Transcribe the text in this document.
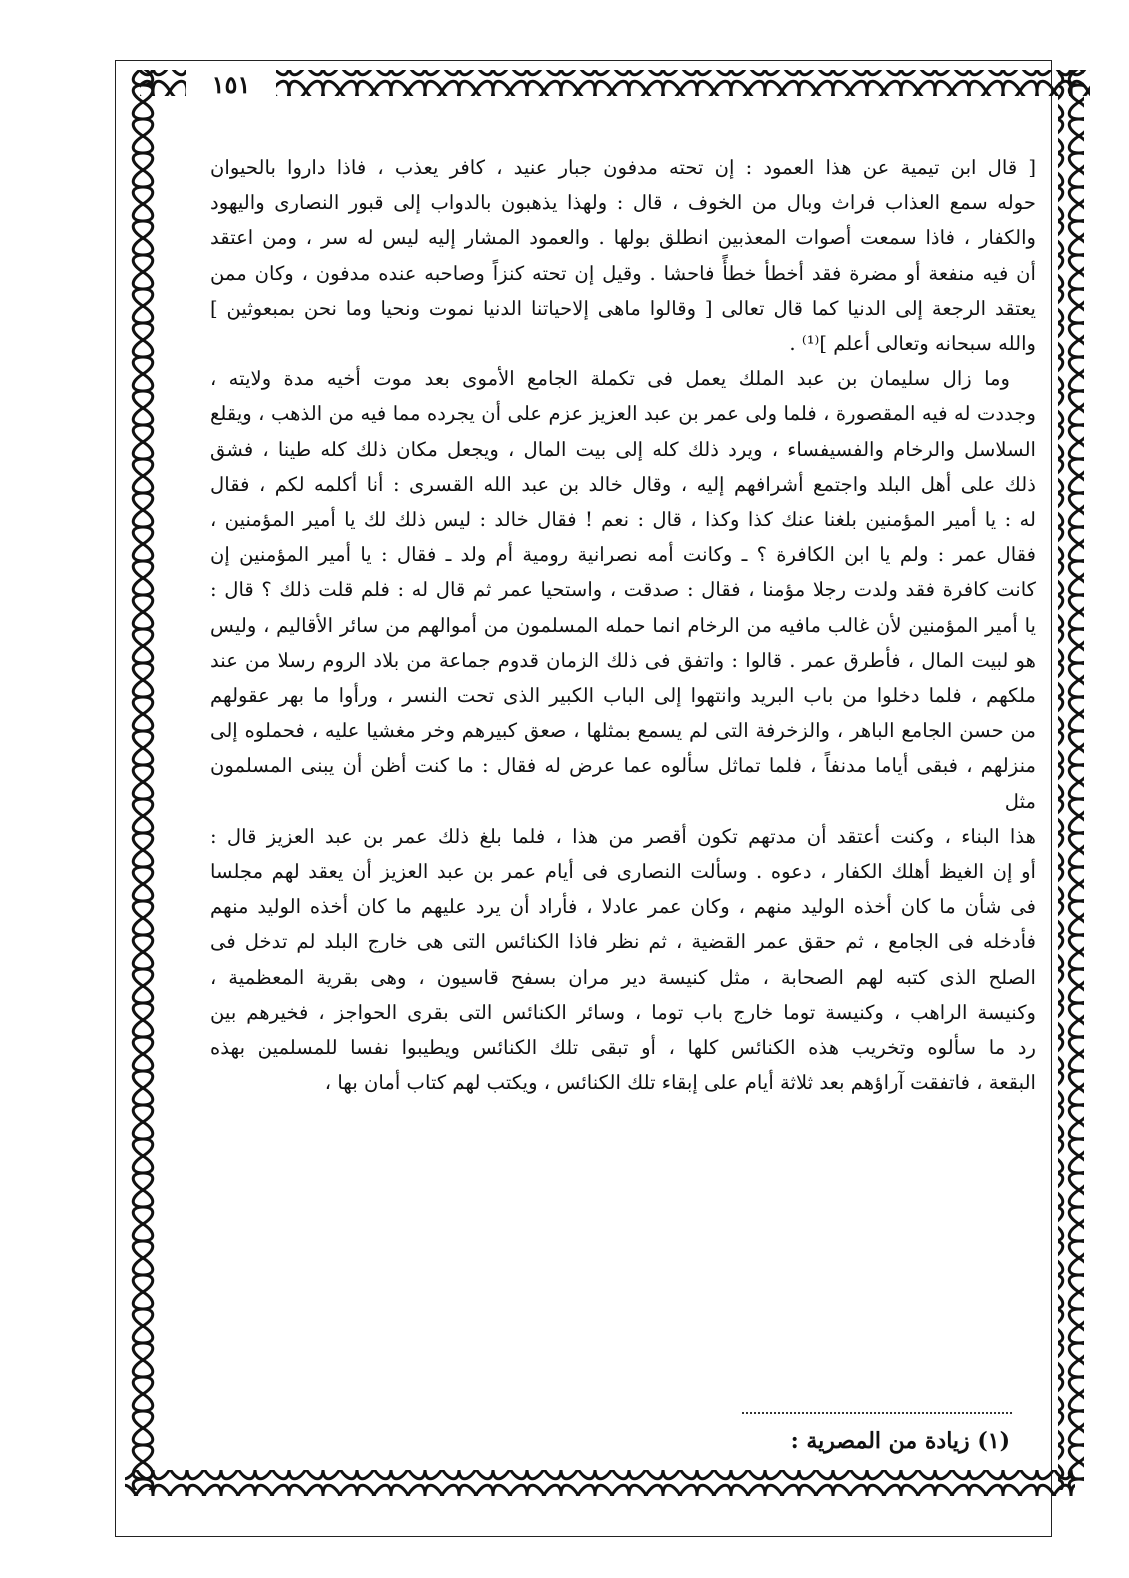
١٥١

[ قال ابن تيمية عن هذا العمود : إن تحته مدفون جبار عنيد ، كافر يعذب ، فاذا داروا بالحيوان

حوله سمع العذاب فراث وبال من الخوف ، قال : ولهذا يذهبون بالدواب إلى قبور النصارى واليهود

والكفار ، فاذا سمعت أصوات المعذبين انطلق بولها . والعمود المشار إليه ليس له سر ، ومن اعتقد

أن فيه منفعة أو مضرة فقد أخطأ خطأً فاحشا . وقيل إن تحته كنزاً وصاحبه عنده مدفون ، وكان ممن

يعتقد الرجعة إلى الدنيا كما قال تعالى [ وقالوا ماهى إلاحياتنا الدنيا نموت ونحيا وما نحن بمبعوثين ]

والله سبحانه وتعالى أعلم ]⁽¹⁾ .

وما زال سليمان بن عبد الملك يعمل فى تكملة الجامع الأموى بعد موت أخيه مدة ولايته ،

وجددت له فيه المقصورة ، فلما ولى عمر بن عبد العزيز عزم على أن يجرده مما فيه من الذهب ، ويقلع

السلاسل والرخام والفسيفساء ، ويرد ذلك كله إلى بيت المال ، ويجعل مكان ذلك كله طينا ، فشق

ذلك على أهل البلد واجتمع أشرافهم إليه ، وقال خالد بن عبد الله القسرى : أنا أكلمه لكم ، فقال

له : يا أمير المؤمنين بلغنا عنك كذا وكذا ، قال : نعم ! فقال خالد : ليس ذلك لك يا أمير المؤمنين ،

فقال عمر : ولم يا ابن الكافرة ؟ ـ وكانت أمه نصرانية رومية أم ولد ـ فقال : يا أمير المؤمنين إن

كانت كافرة فقد ولدت رجلا مؤمنا ، فقال : صدقت ، واستحيا عمر ثم قال له : فلم قلت ذلك ؟ قال :

يا أمير المؤمنين لأن غالب مافيه من الرخام انما حمله المسلمون من أموالهم من سائر الأقاليم ، وليس

هو لبيت المال ، فأطرق عمر . قالوا : واتفق فى ذلك الزمان قدوم جماعة من بلاد الروم رسلا من عند

ملكهم ، فلما دخلوا من باب البريد وانتهوا إلى الباب الكبير الذى تحت النسر ، ورأوا ما بهر عقولهم

من حسن الجامع الباهر ، والزخرفة التى لم يسمع بمثلها ، صعق كبيرهم وخر مغشيا عليه ، فحملوه إلى

منزلهم ، فبقى أياما مدنفاً ، فلما تماثل سألوه عما عرض له فقال : ما كنت أظن أن يبنى المسلمون مثل

هذا البناء ، وكنت أعتقد أن مدتهم تكون أقصر من هذا ، فلما بلغ ذلك عمر بن عبد العزيز قال :

أو إن الغيظ أهلك الكفار ، دعوه . وسألت النصارى فى أيام عمر بن عبد العزيز أن يعقد لهم مجلسا

فى شأن ما كان أخذه الوليد منهم ، وكان عمر عادلا ، فأراد أن يرد عليهم ما كان أخذه الوليد منهم

فأدخله فى الجامع ، ثم حقق عمر القضية ، ثم نظر فاذا الكنائس التى هى خارج البلد لم تدخل فى

الصلح الذى كتبه لهم الصحابة ، مثل كنيسة دير مران بسفح قاسيون ، وهى بقرية المعظمية ،

وكنيسة الراهب ، وكنيسة توما خارج باب توما ، وسائر الكنائس التى بقرى الحواجز ، فخيرهم بين

رد ما سألوه وتخريب هذه الكنائس كلها ، أو تبقى تلك الكنائس ويطيبوا نفسا للمسلمين بهذه

البقعة ، فاتفقت آراؤهم بعد ثلاثة أيام على إبقاء تلك الكنائس ، ويكتب لهم كتاب أمان بها ،

(١) زيادة من المصرية :
